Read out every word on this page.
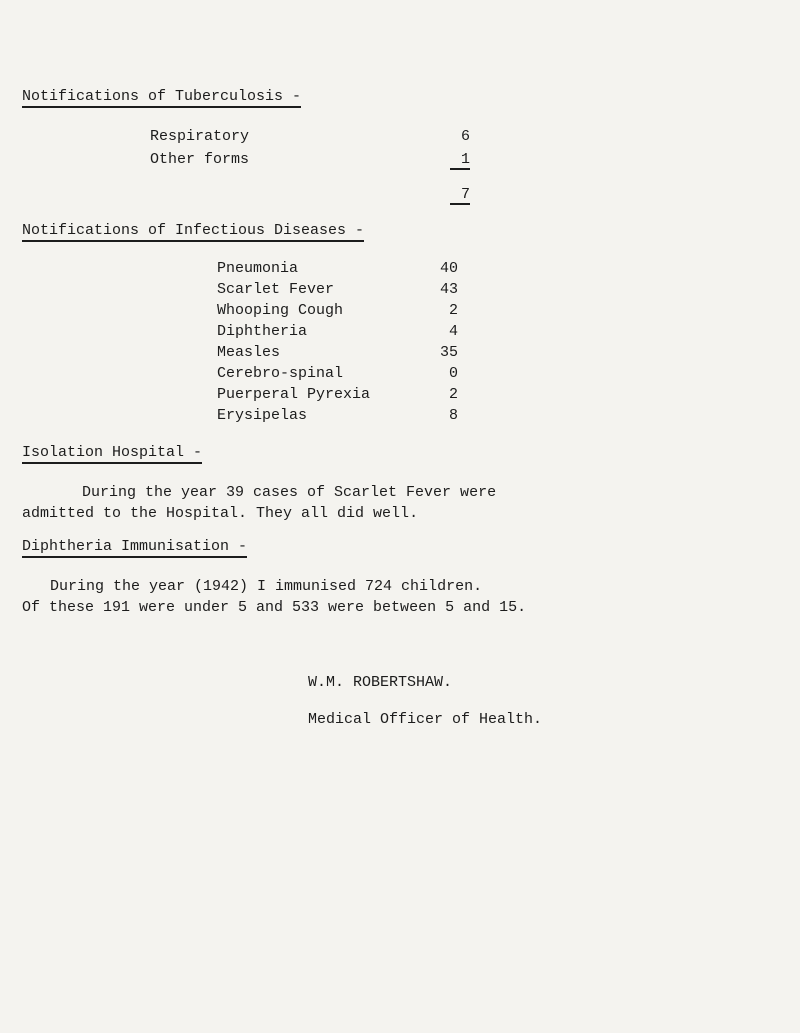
Notifications of Tuberculosis -
Respiratory	6
Other forms	1
7
Notifications of Infectious Diseases -
Pneumonia	40
Scarlet Fever	43
Whooping Cough	2
Diphtheria	4
Measles	35
Cerebro-spinal	0
Puerperal Pyrexia	2
Erysipelas	8
Isolation Hospital -
During the year 39 cases of Scarlet Fever were
admitted to the Hospital. They all did well.
Diphtheria Immunisation -
During the year (1942) I immunised 724 children.
Of these 191 were under 5 and 533 were between 5 and 15.
W.M. ROBERTSHAW.
Medical Officer of Health.
